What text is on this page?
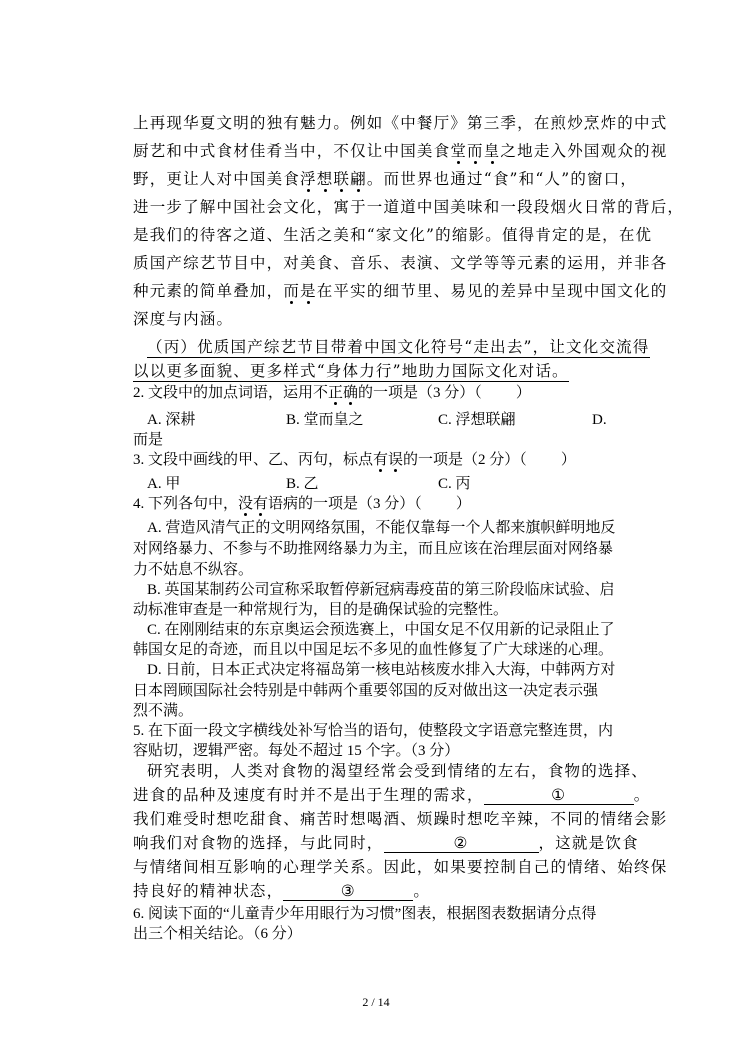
上再现华夏文明的独有魅力。例如《中餐厅》第三季，在煎炒烹炸的中式
厨艺和中式食材佳肴当中，不仅让中国美食堂而皇之地走入外国观众的视
野，更让人对中国美食浮想联翩。而世界也通过“食”和“人”的窗口，
进一步了解中国社会文化，寓于一道道中国美味和一段段烟火日常的背后，
是我们的待客之道、生活之美和“家文化”的缩影。值得肯定的是，在优
质国产综艺节目中，对美食、音乐、表演、文学等等元素的运用，并非各
种元素的简单叠加，而是在平实的细节里、易见的差异中呈现中国文化的
深度与内涵。
（丙）优质国产综艺节目带着中国文化符号“走出去”，让文化交流得
以以更多面貌、更多样式“身体力行”地助力国际文化对话。
2. 文段中的加点词语，运用不正确的一项是（3 分）（ ）
A. 深耕	B. 堂而皇之	C. 浮想联翩	D.
而是
3. 文段中画线的甲、乙、丙句，标点有误的一项是（2 分）（ ）
A. 甲	B. 乙	C. 丙
4. 下列各句中，没有语病的一项是（3 分）（ ）
A. 营造风清气正的文明网络氛围，不能仅靠每一个人都来旗帜鲜明地反
对网络暴力、不参与不助推网络暴力为主，而且应该在治理层面对网络暴
力不姑息不纵容。
B. 英国某制药公司宣称采取暂停新冠病毒疫苗的第三阶段临床试验、启
动标准审查是一种常规行为，目的是确保试验的完整性。
C. 在刚刚结束的东京奥运会预选赛上，中国女足不仅用新的记录阻止了
韩国女足的奇迹，而且以中国足坛不多见的血性修复了广大球迷的心理。
D. 日前，日本正式决定将福岛第一核电站核废水排入大海，中韩两方对
日本罔顾国际社会特别是中韩两个重要邻国的反对做出这一决定表示强
烈不满。
5. 在下面一段文字横线处补写恰当的语句，使整段文字语意完整连贯，内
容贴切，逻辑严密。每处不超过 15 个字。（3 分）
研究表明，人类对食物的渴望经常会受到情绪的左右，食物的选择、
进食的品种及速度有时并不是出于生理的需求，	①	。
我们难受时想吃甜食、痛苦时想喝酒、烦躁时想吃辛辣，不同的情绪会影
响我们对食物的选择，与此同时，	②	，这就是饮食
与情绪间相互影响的心理学关系。因此，如果要控制自己的情绪、始终保
持良好的精神状态，	③	。
6. 阅读下面的“儿童青少年用眼行为习惯”图表，根据图表数据请分点得
出三个相关结论。（6 分）
2 / 14
